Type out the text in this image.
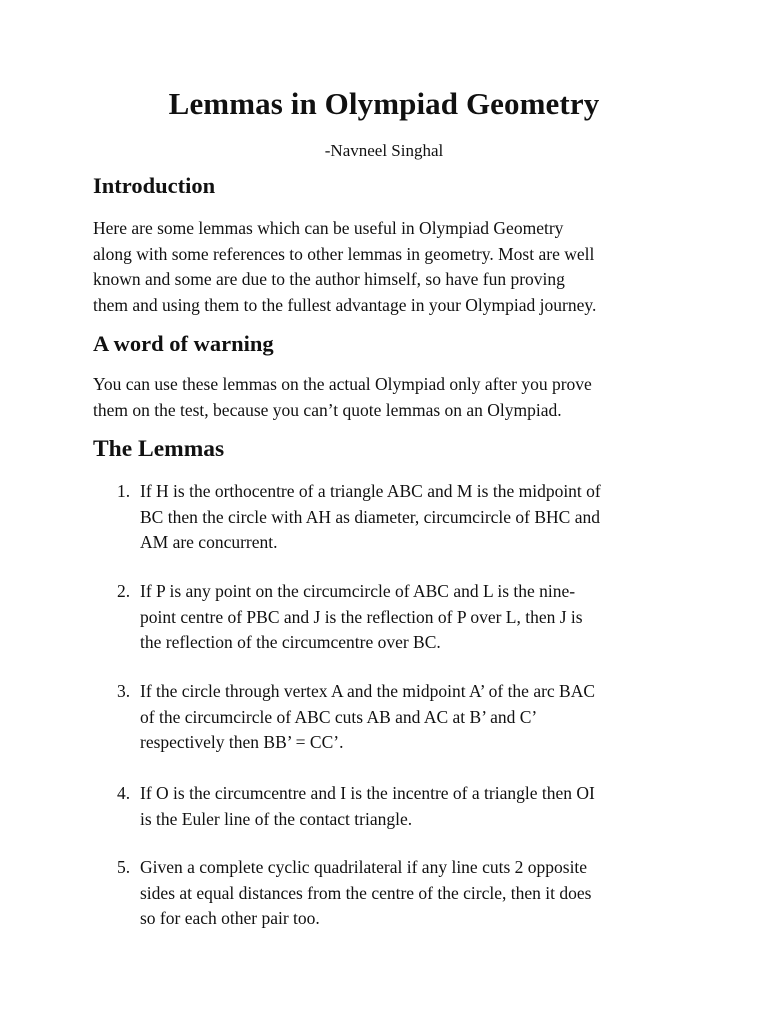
Lemmas in Olympiad Geometry

-Navneel Singhal

Introduction

Here are some lemmas which can be useful in Olympiad Geometry
along with some references to other lemmas in geometry. Most are well
known and some are due to the author himself, so have fun proving
them and using them to the fullest advantage in your Olympiad journey.

A word of warning

You can use these lemmas on the actual Olympiad only after you prove
them on the test, because you can’t quote lemmas on an Olympiad.

The Lemmas
1. If H is the orthocentre of a triangle ABC and M is the midpoint of
BC then the circle with AH as diameter, circumcircle of BHC and
AM are concurrent.
2. If P is any point on the circumcircle of ABC and L is the nine-
point centre of PBC and J is the reflection of P over L, then J is
the reflection of the circumcentre over BC.
3. If the circle through vertex A and the midpoint A’ of the arc BAC
of the circumcircle of ABC cuts AB and AC at B’ and C’
respectively then BB’ = CC’.
4. If O is the circumcentre and I is the incentre of a triangle then OI
is the Euler line of the contact triangle.
5. Given a complete cyclic quadrilateral if any line cuts 2 opposite
sides at equal distances from the centre of the circle, then it does
so for each other pair too.
